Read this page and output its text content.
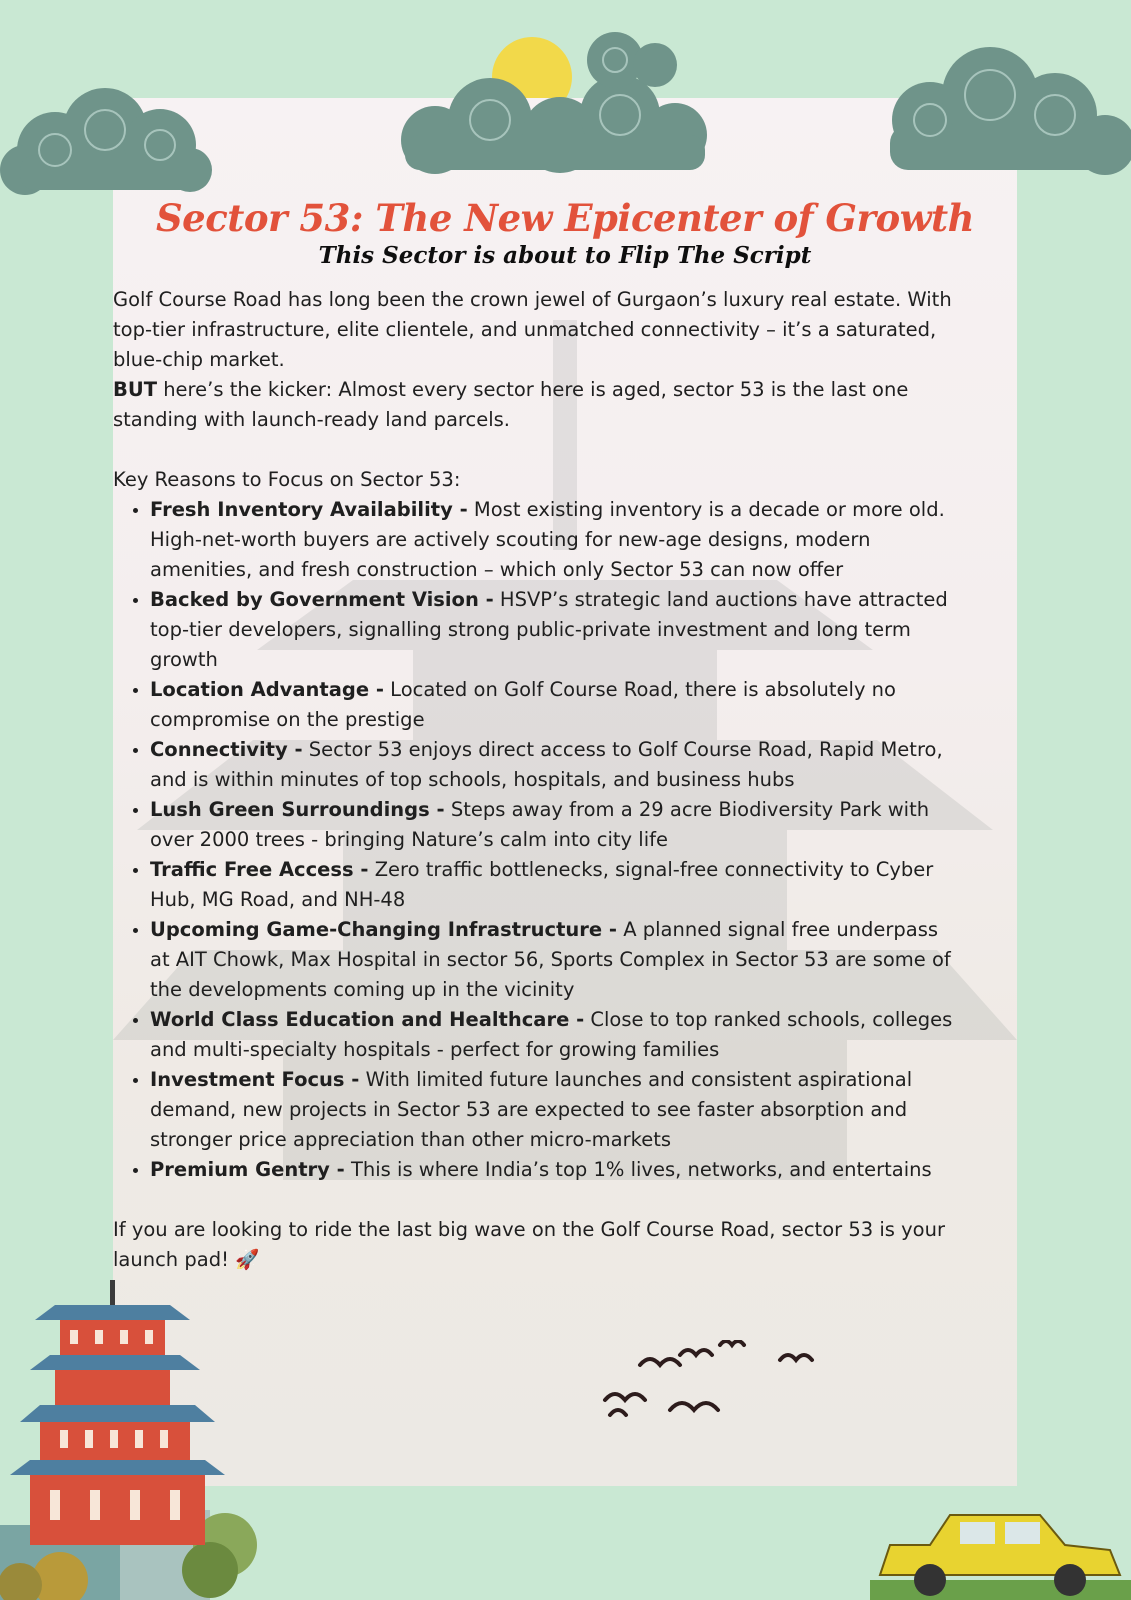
Sector 53: The New Epicenter of Growth
This Sector is about to Flip The Script

Golf Course Road has long been the crown jewel of Gurgaon’s luxury real estate. With top-tier infrastructure, elite clientele, and unmatched connectivity – it’s a saturated, blue-chip market.

BUT here’s the kicker: Almost every sector here is aged, sector 53 is the last one standing with launch-ready land parcels.

Key Reasons to Focus on Sector 53:

• Fresh Inventory Availability - Most existing inventory is a decade or more old. High-net-worth buyers are actively scouting for new-age designs, modern amenities, and fresh construction – which only Sector 53 can now offer
• Backed by Government Vision - HSVP’s strategic land auctions have attracted top-tier developers, signalling strong public-private investment and long term growth
• Location Advantage - Located on Golf Course Road, there is absolutely no compromise on the prestige
• Connectivity - Sector 53 enjoys direct access to Golf Course Road, Rapid Metro, and is within minutes of top schools, hospitals, and business hubs
• Lush Green Surroundings - Steps away from a 29 acre Biodiversity Park with over 2000 trees - bringing Nature’s calm into city life
• Traffic Free Access - Zero traffic bottlenecks, signal-free connectivity to Cyber Hub, MG Road, and NH-48
• Upcoming Game-Changing Infrastructure - A planned signal free underpass at AIT Chowk, Max Hospital in sector 56, Sports Complex in Sector 53 are some of the developments coming up in the vicinity
• World Class Education and Healthcare - Close to top ranked schools, colleges and multi-specialty hospitals - perfect for growing families
• Investment Focus - With limited future launches and consistent aspirational demand, new projects in Sector 53 are expected to see faster absorption and stronger price appreciation than other micro-markets
• Premium Gentry - This is where India’s top 1% lives, networks, and entertains

If you are looking to ride the last big wave on the Golf Course Road, sector 53 is your launch pad! 🚀
